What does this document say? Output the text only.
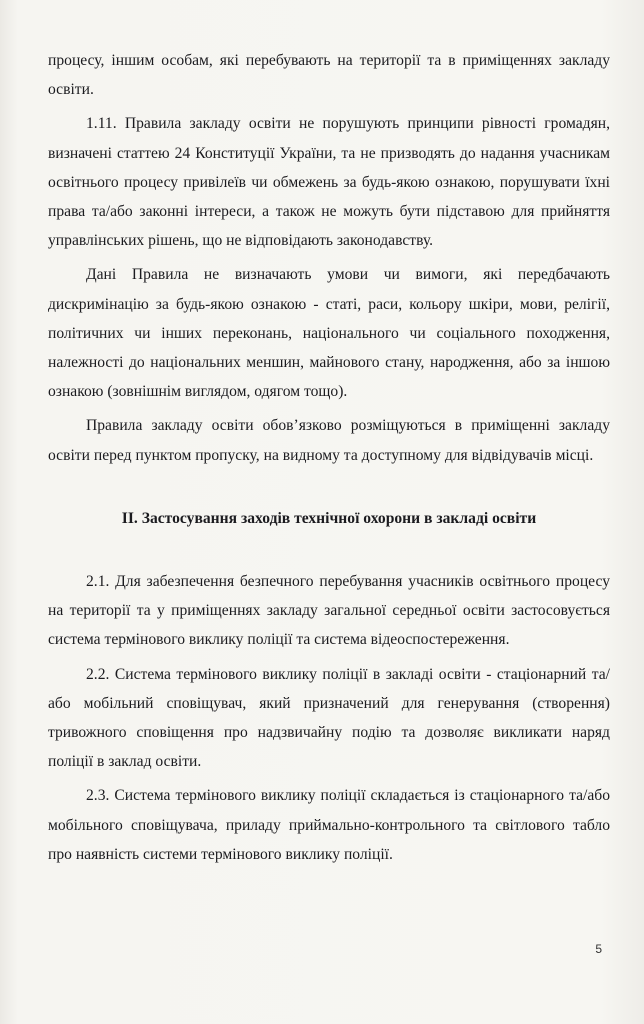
процесу, іншим особам, які перебувають на території та в приміщеннях закладу освіти.

1.11. Правила закладу освіти не порушують принципи рівності громадян, визначені статтею 24 Конституції України, та не призводять до надання учасникам освітнього процесу привілеїв чи обмежень за будь-якою ознакою, порушувати їхні права та/або законні інтереси, а також не можуть бути підставою для прийняття управлінських рішень, що не відповідають законодавству.

Дані Правила не визначають умови чи вимоги, які передбачають дискримінацію за будь-якою ознакою - статі, раси, кольору шкіри, мови, релігії, політичних чи інших переконань, національного чи соціального походження, належності до національних меншин, майнового стану, народження, або за іншою ознакою (зовнішнім виглядом, одягом тощо).

Правила закладу освіти обов’язково розміщуються в приміщенні закладу освіти перед пунктом пропуску, на видному та доступному для відвідувачів місці.

ІІ. Застосування заходів технічної охорони в закладі освіти

2.1. Для забезпечення безпечного перебування учасників освітнього процесу на території та у приміщеннях закладу загальної середньої освіти застосовується система термінового виклику поліції та система відеоспостереження.

2.2. Система термінового виклику поліції в закладі освіти - стаціонарний та/або мобільний сповіщувач, який призначений для генерування (створення) тривожного сповіщення про надзвичайну подію та дозволяє викликати наряд поліції в заклад освіти.

2.3. Система термінового виклику поліції складається із стаціонарного та/або мобільного сповіщувача, приладу приймально-контрольного та світлового табло про наявність системи термінового виклику поліції.

5
